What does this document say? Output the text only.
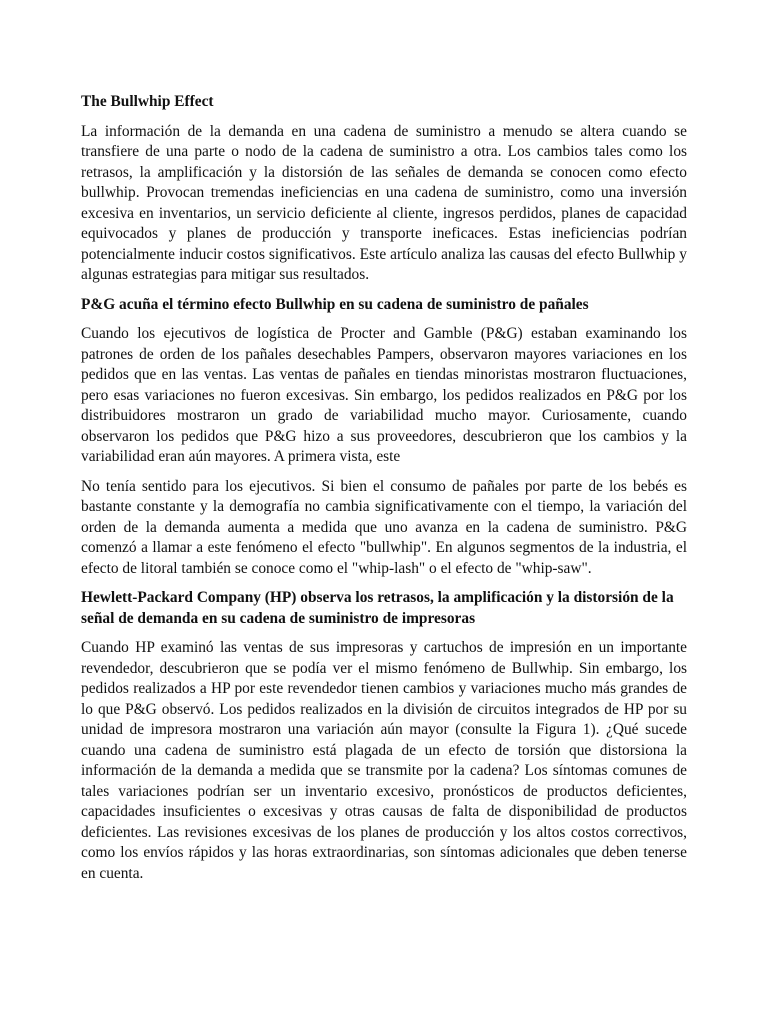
The Bullwhip Effect

La información de la demanda en una cadena de suministro a menudo se altera cuando se transfiere de una parte o nodo de la cadena de suministro a otra. Los cambios tales como los retrasos, la amplificación y la distorsión de las señales de demanda se conocen como efecto bullwhip. Provocan tremendas ineficiencias en una cadena de suministro, como una inversión excesiva en inventarios, un servicio deficiente al cliente, ingresos perdidos, planes de capacidad equivocados y planes de producción y transporte ineficaces. Estas ineficiencias podrían potencialmente inducir costos significativos. Este artículo analiza las causas del efecto Bullwhip y algunas estrategias para mitigar sus resultados.

P&G acuña el término efecto Bullwhip en su cadena de suministro de pañales

Cuando los ejecutivos de logística de Procter and Gamble (P&G) estaban examinando los patrones de orden de los pañales desechables Pampers, observaron mayores variaciones en los pedidos que en las ventas. Las ventas de pañales en tiendas minoristas mostraron fluctuaciones, pero esas variaciones no fueron excesivas. Sin embargo, los pedidos realizados en P&G por los distribuidores mostraron un grado de variabilidad mucho mayor. Curiosamente, cuando observaron los pedidos que P&G hizo a sus proveedores, descubrieron que los cambios y la variabilidad eran aún mayores. A primera vista, este

No tenía sentido para los ejecutivos. Si bien el consumo de pañales por parte de los bebés es bastante constante y la demografía no cambia significativamente con el tiempo, la variación del orden de la demanda aumenta a medida que uno avanza en la cadena de suministro. P&G comenzó a llamar a este fenómeno el efecto "bullwhip". En algunos segmentos de la industria, el efecto de litoral también se conoce como el "whip-lash" o el efecto de "whip-saw".

Hewlett-Packard Company (HP) observa los retrasos, la amplificación y la distorsión de la señal de demanda en su cadena de suministro de impresoras

Cuando HP examinó las ventas de sus impresoras y cartuchos de impresión en un importante revendedor, descubrieron que se podía ver el mismo fenómeno de Bullwhip. Sin embargo, los pedidos realizados a HP por este revendedor tienen cambios y variaciones mucho más grandes de lo que P&G observó. Los pedidos realizados en la división de circuitos integrados de HP por su unidad de impresora mostraron una variación aún mayor (consulte la Figura 1). ¿Qué sucede cuando una cadena de suministro está plagada de un efecto de torsión que distorsiona la información de la demanda a medida que se transmite por la cadena? Los síntomas comunes de tales variaciones podrían ser un inventario excesivo, pronósticos de productos deficientes, capacidades insuficientes o excesivas y otras causas de falta de disponibilidad de productos deficientes. Las revisiones excesivas de los planes de producción y los altos costos correctivos, como los envíos rápidos y las horas extraordinarias, son síntomas adicionales que deben tenerse en cuenta.
